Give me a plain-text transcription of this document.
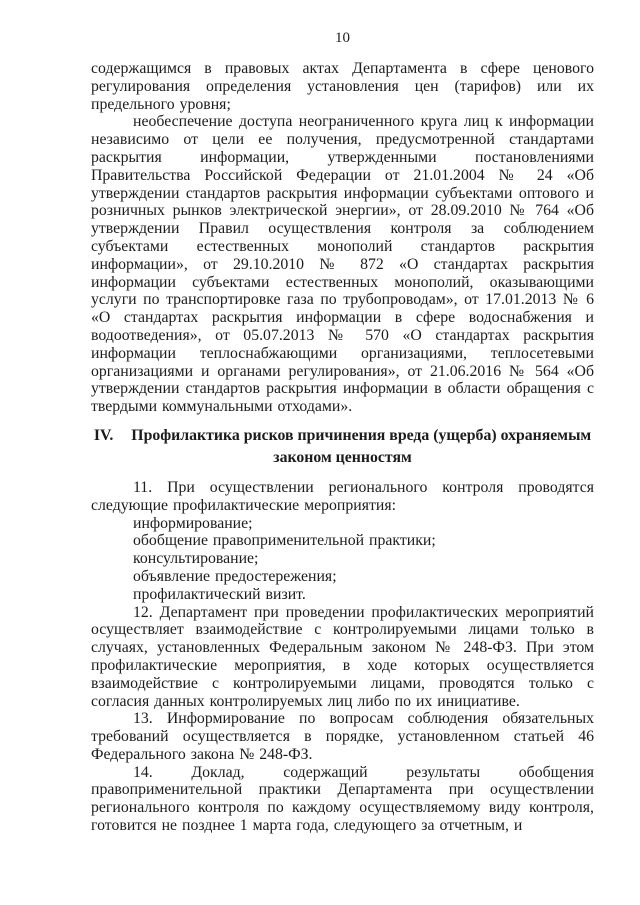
10

содержащимся в правовых актах Департамента в сфере ценового регулирования определения установления цен (тарифов) или их предельного уровня;

необеспечение доступа неограниченного круга лиц к информации независимо от цели ее получения, предусмотренной стандартами раскрытия информации, утвержденными постановлениями Правительства Российской Федерации от 21.01.2004 № 24 «Об утверждении стандартов раскрытия информации субъектами оптового и розничных рынков электрической энергии», от 28.09.2010 № 764 «Об утверждении Правил осуществления контроля за соблюдением субъектами естественных монополий стандартов раскрытия информации», от 29.10.2010 № 872 «О стандартах раскрытия информации субъектами естественных монополий, оказывающими услуги по транспортировке газа по трубопроводам», от 17.01.2013 № 6 «О стандартах раскрытия информации в сфере водоснабжения и водоотведения», от 05.07.2013 № 570 «О стандартах раскрытия информации теплоснабжающими организациями, теплосетевыми организациями и органами регулирования», от 21.06.2016 № 564 «Об утверждении стандартов раскрытия информации в области обращения с твердыми коммунальными отходами».

IV. Профилактика рисков причинения вреда (ущерба) охраняемым
законом ценностям

11. При осуществлении регионального контроля проводятся следующие профилактические мероприятия:

информирование;

обобщение правоприменительной практики;

консультирование;

объявление предостережения;

профилактический визит.

12. Департамент при проведении профилактических мероприятий осуществляет взаимодействие с контролируемыми лицами только в случаях, установленных Федеральным законом № 248-ФЗ. При этом профилактические мероприятия, в ходе которых осуществляется взаимодействие с контролируемыми лицами, проводятся только с согласия данных контролируемых лиц либо по их инициативе.

13. Информирование по вопросам соблюдения обязательных требований осуществляется в порядке, установленном статьей 46 Федерального закона № 248-ФЗ.

14. Доклад, содержащий результаты обобщения правоприменительной практики Департамента при осуществлении регионального контроля по каждому осуществляемому виду контроля, готовится не позднее 1 марта года, следующего за отчетным, и
